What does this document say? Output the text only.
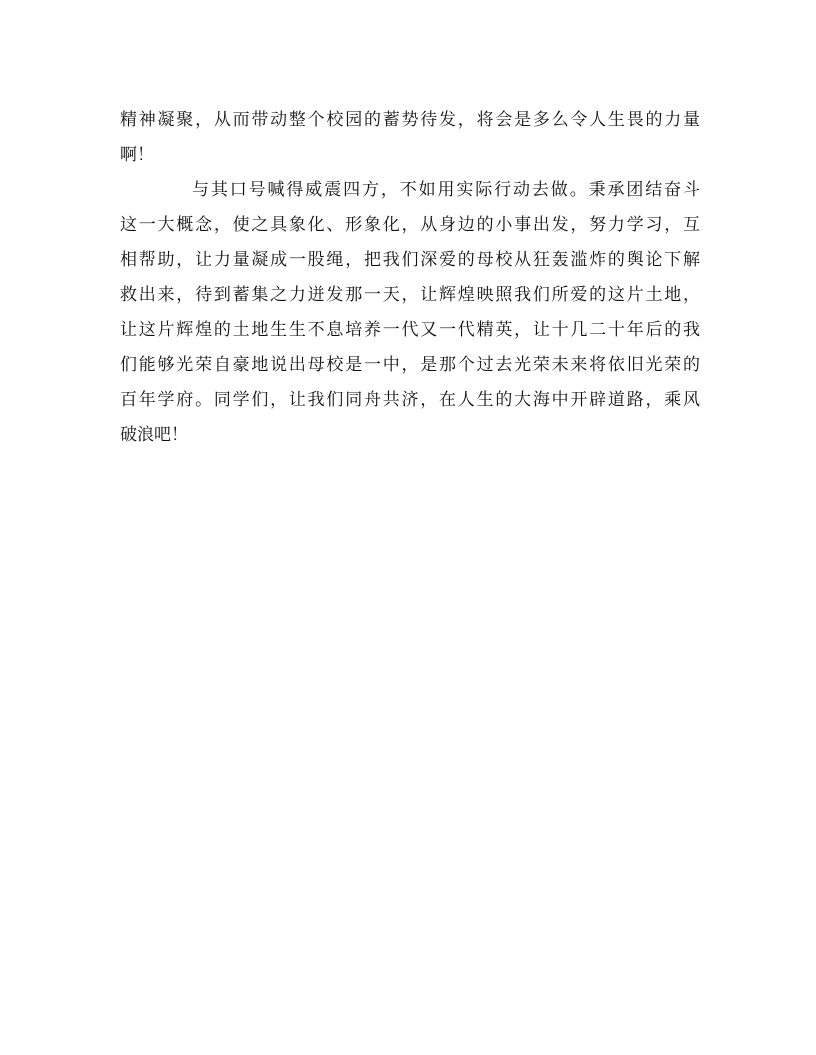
精神凝聚，从而带动整个校园的蓄势待发，将会是多么令人生畏的力量
啊！
与其口号喊得威震四方，不如用实际行动去做。秉承团结奋斗
这一大概念，使之具象化、形象化，从身边的小事出发，努力学习，互
相帮助，让力量凝成一股绳，把我们深爱的母校从狂轰滥炸的舆论下解
救出来，待到蓄集之力迸发那一天，让辉煌映照我们所爱的这片土地，
让这片辉煌的土地生生不息培养一代又一代精英，让十几二十年后的我
们能够光荣自豪地说出母校是一中，是那个过去光荣未来将依旧光荣的
百年学府。同学们，让我们同舟共济，在人生的大海中开辟道路，乘风
破浪吧！
